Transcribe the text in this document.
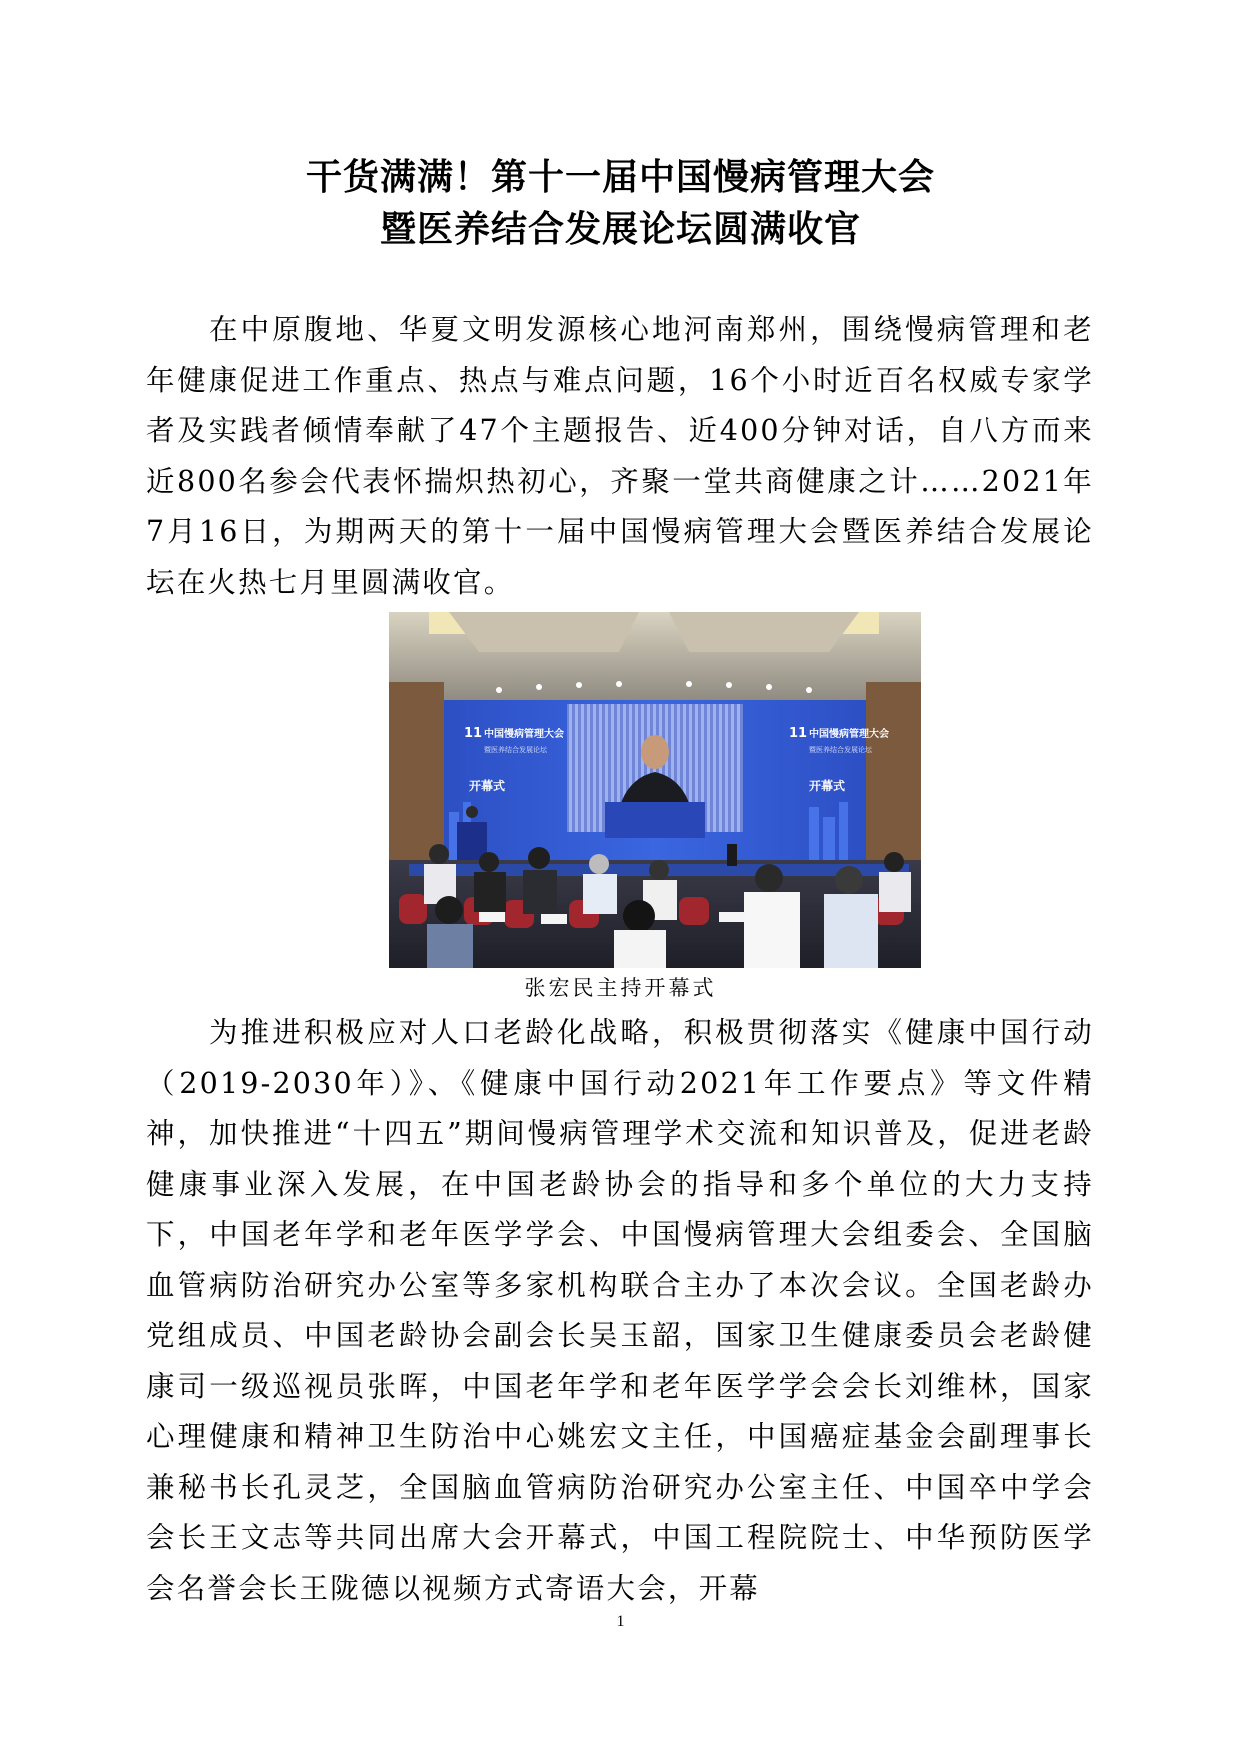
干货满满！第十一届中国慢病管理大会
暨医养结合发展论坛圆满收官

在中原腹地、华夏文明发源核心地河南郑州，围绕慢病管理和老年健康促进工作重点、热点与难点问题，16个小时近百名权威专家学者及实践者倾情奉献了47个主题报告、近400分钟对话，自八方而来近800名参会代表怀揣炽热初心，齐聚一堂共商健康之计……2021年7月16日，为期两天的第十一届中国慢病管理大会暨医养结合发展论坛在火热七月里圆满收官。

11 中国慢病管理大会
暨医养结合发展论坛
开幕式
11 中国慢病管理大会
暨医养结合发展论坛
开幕式
张宏民主持开幕式

为推进积极应对人口老龄化战略，积极贯彻落实《健康中国行动（2019-2030年）》、《健康中国行动2021年工作要点》等文件精神，加快推进“十四五”期间慢病管理学术交流和知识普及，促进老龄健康事业深入发展，在中国老龄协会的指导和多个单位的大力支持下，中国老年学和老年医学学会、中国慢病管理大会组委会、全国脑血管病防治研究办公室等多家机构联合主办了本次会议。全国老龄办党组成员、中国老龄协会副会长吴玉韶，国家卫生健康委员会老龄健康司一级巡视员张晖，中国老年学和老年医学学会会长刘维林，国家心理健康和精神卫生防治中心姚宏文主任，中国癌症基金会副理事长兼秘书长孔灵芝，全国脑血管病防治研究办公室主任、中国卒中学会会长王文志等共同出席大会开幕式，中国工程院院士、中华预防医学会名誉会长王陇德以视频方式寄语大会，开幕

1
